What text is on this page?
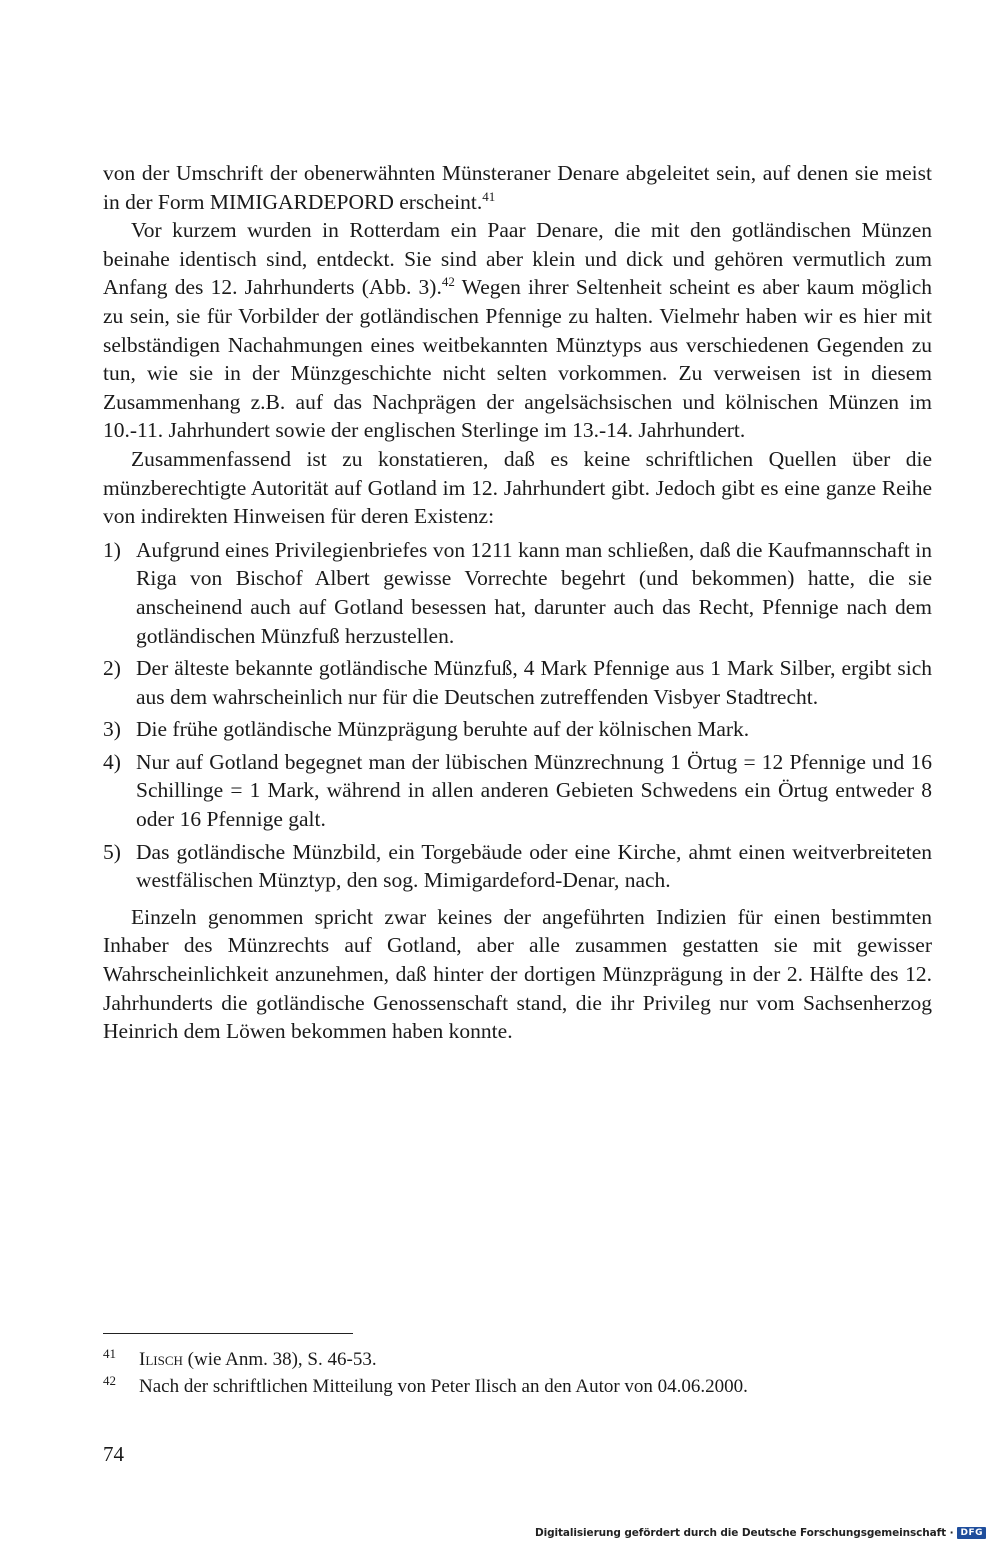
von der Umschrift der obenerwähnten Münsteraner Denare abgeleitet sein, auf denen sie meist in der Form MIMIGARDEPORD erscheint.$^{41}$

Vor kurzem wurden in Rotterdam ein Paar Denare, die mit den gotländischen Münzen beinahe identisch sind, entdeckt. Sie sind aber klein und dick und gehören vermutlich zum Anfang des 12. Jahrhunderts (Abb. 3).$^{42}$ Wegen ihrer Seltenheit scheint es aber kaum möglich zu sein, sie für Vorbilder der gotländischen Pfennige zu halten. Vielmehr haben wir es hier mit selbständigen Nachahmungen eines weitbekannten Münztyps aus verschiedenen Gegenden zu tun, wie sie in der Münzgeschichte nicht selten vorkommen. Zu verweisen ist in diesem Zusammenhang z.B. auf das Nachprägen der angelsächsischen und kölnischen Münzen im 10.-11. Jahrhundert sowie der englischen Sterlinge im 13.-14. Jahrhundert.

Zusammenfassend ist zu konstatieren, daß es keine schriftlichen Quellen über die münzberechtigte Autorität auf Gotland im 12. Jahrhundert gibt. Jedoch gibt es eine ganze Reihe von indirekten Hinweisen für deren Existenz:

1) Aufgrund eines Privilegienbriefes von 1211 kann man schließen, daß die Kaufmannschaft in Riga von Bischof Albert gewisse Vorrechte begehrt (und bekommen) hatte, die sie anscheinend auch auf Gotland besessen hat, darunter auch das Recht, Pfennige nach dem gotländischen Münzfuß herzustellen.
2) Der älteste bekannte gotländische Münzfuß, 4 Mark Pfennige aus 1 Mark Silber, ergibt sich aus dem wahrscheinlich nur für die Deutschen zutreffenden Visbyer Stadtrecht.
3) Die frühe gotländische Münzprägung beruhte auf der kölnischen Mark.
4) Nur auf Gotland begegnet man der lübischen Münzrechnung 1 Örtug = 12 Pfennige und 16 Schillinge = 1 Mark, während in allen anderen Gebieten Schwedens ein Örtug entweder 8 oder 16 Pfennige galt.
5) Das gotländische Münzbild, ein Torgebäude oder eine Kirche, ahmt einen weitverbreiteten westfälischen Münztyp, den sog. Mimigardeford-Denar, nach.

Einzeln genommen spricht zwar keines der angeführten Indizien für einen bestimmten Inhaber des Münzrechts auf Gotland, aber alle zusammen gestatten sie mit gewisser Wahrscheinlichkeit anzunehmen, daß hinter der dortigen Münzprägung in der 2. Hälfte des 12. Jahrhunderts die gotländische Genossenschaft stand, die ihr Privileg nur vom Sachsenherzog Heinrich dem Löwen bekommen haben konnte.

41	Ilisch (wie Anm. 38), S. 46-53.
42	Nach der schriftlichen Mitteilung von Peter Ilisch an den Autor von 04.06.2000.
74
Digitalisierung gefördert durch die Deutsche Forschungsgemeinschaft · DFG
